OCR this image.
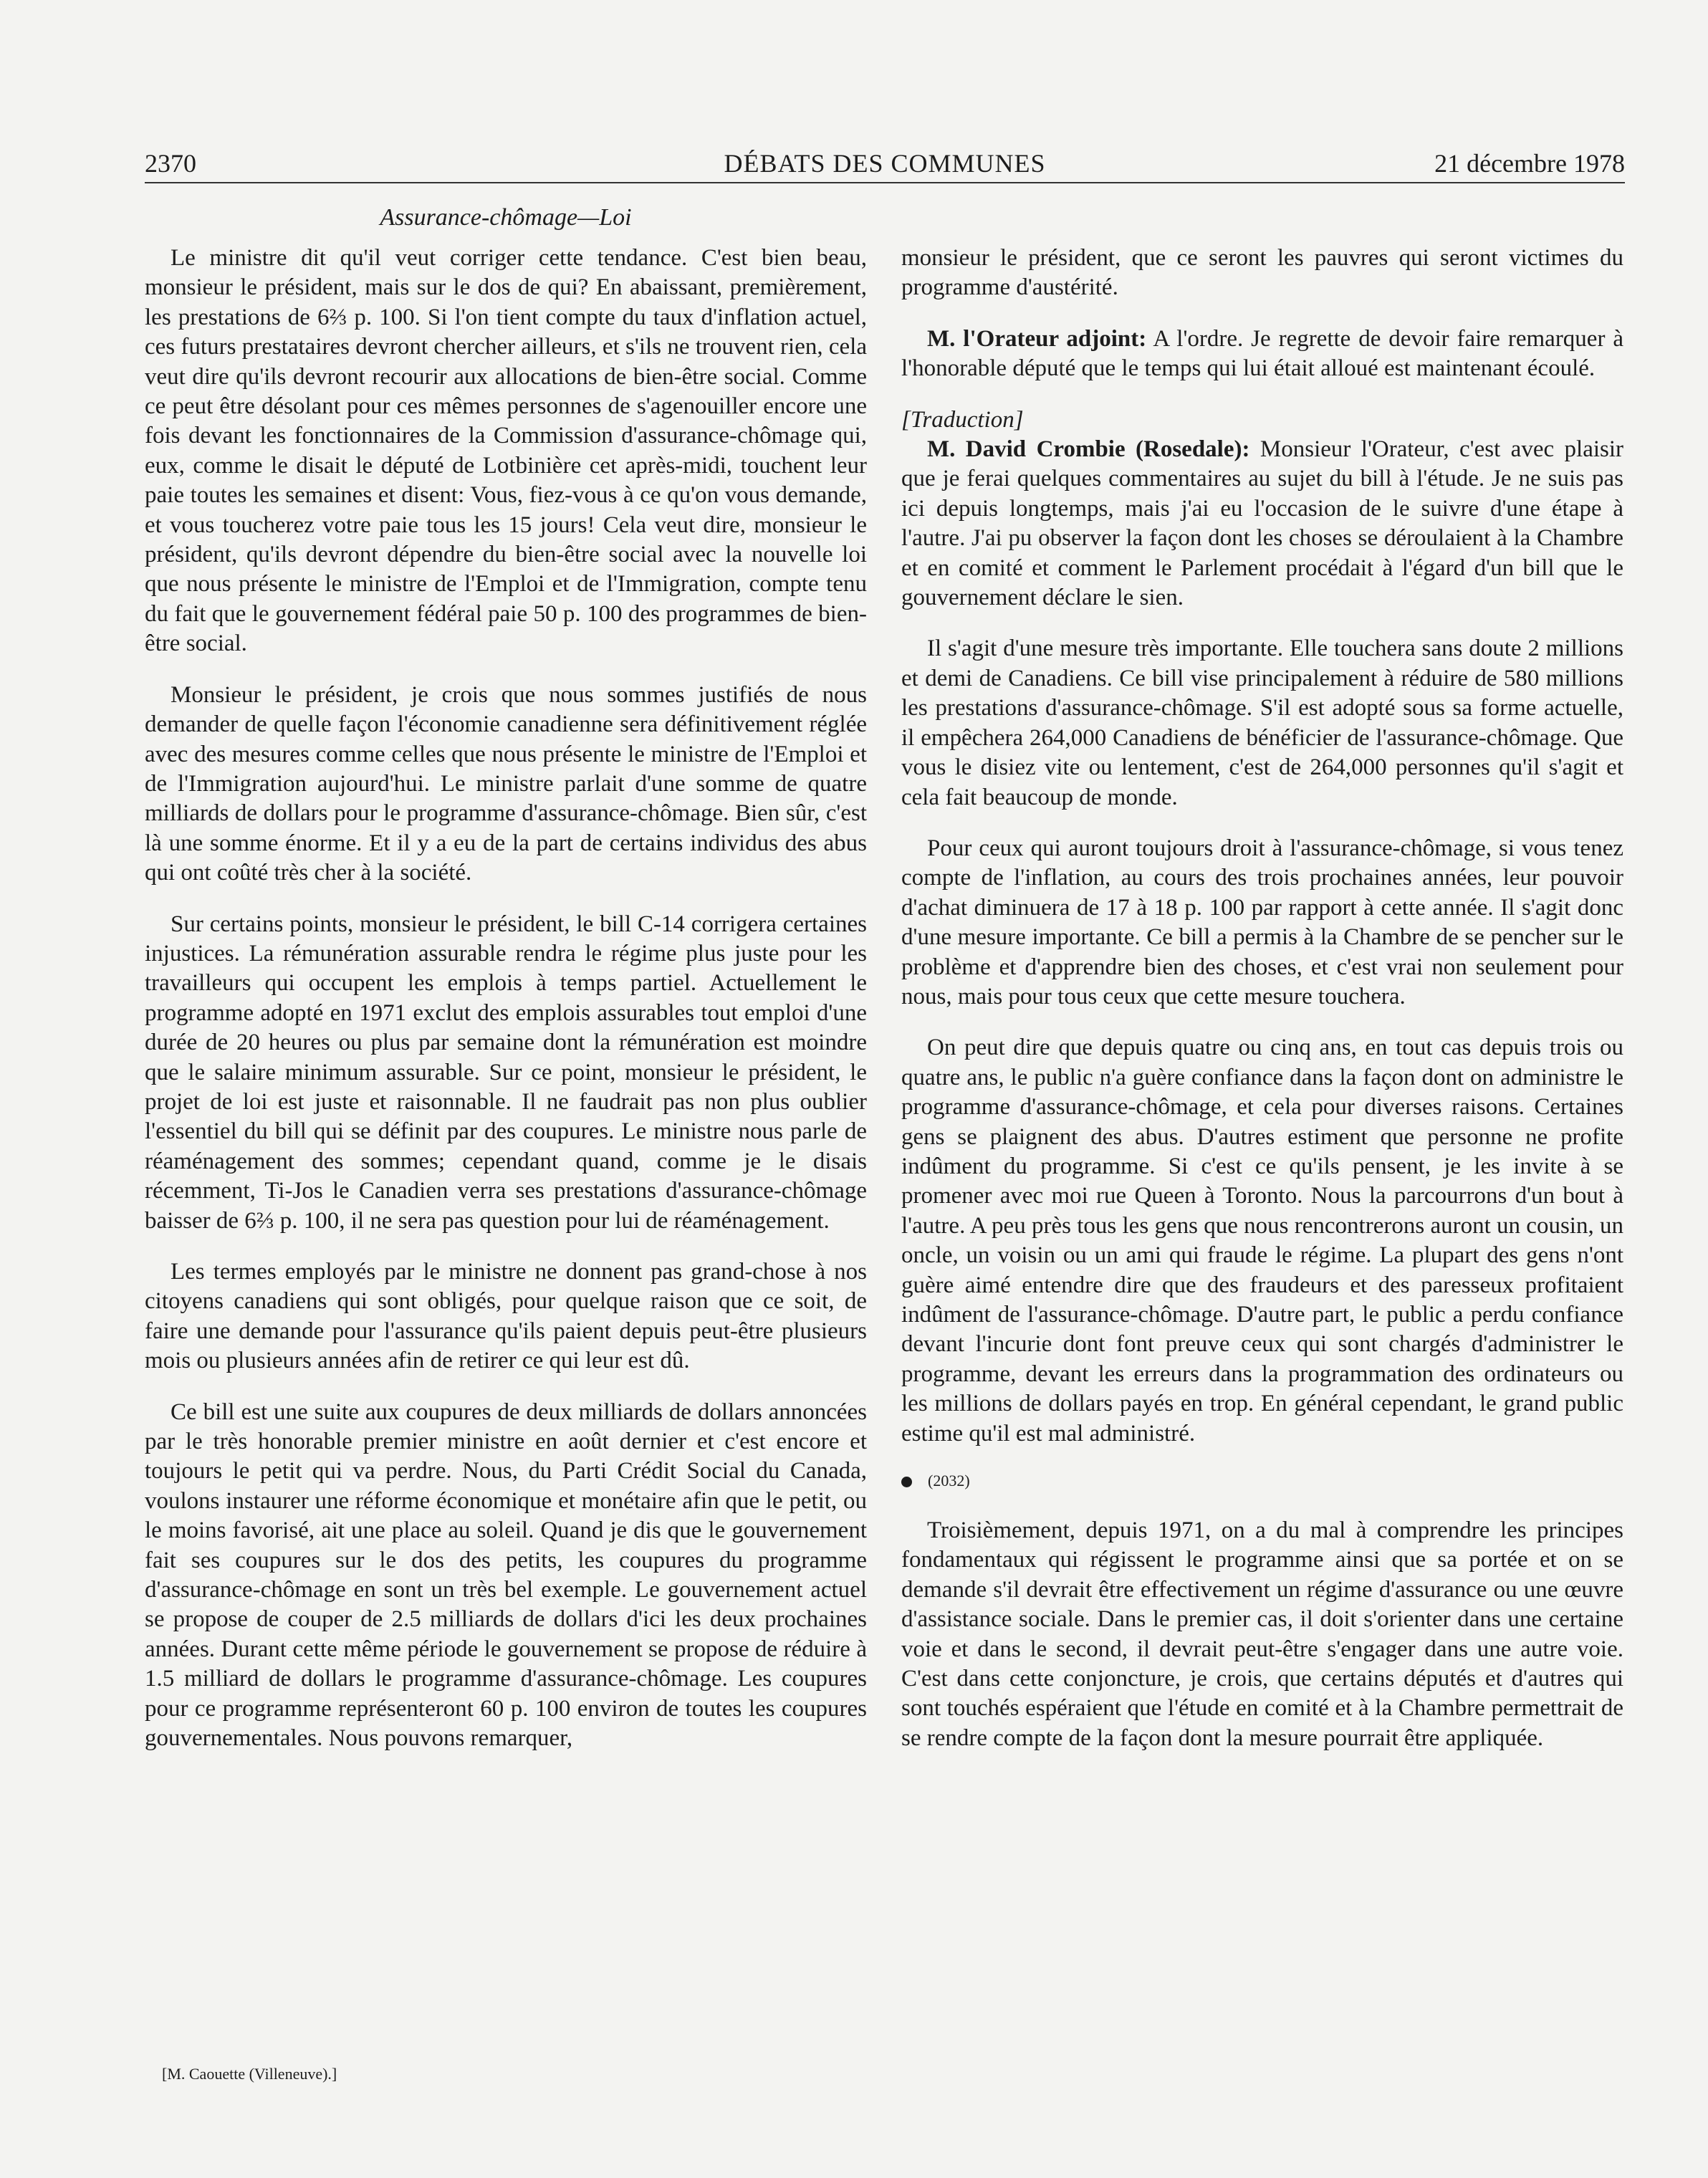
2370	DÉBATS DES COMMUNES	21 décembre 1978
Assurance-chômage—Loi

Le ministre dit qu'il veut corriger cette tendance. C'est bien beau, monsieur le président, mais sur le dos de qui? En abaissant, premièrement, les prestations de 6⅔ p. 100. Si l'on tient compte du taux d'inflation actuel, ces futurs prestataires devront chercher ailleurs, et s'ils ne trouvent rien, cela veut dire qu'ils devront recourir aux allocations de bien-être social. Comme ce peut être désolant pour ces mêmes personnes de s'agenouiller encore une fois devant les fonctionnaires de la Commission d'assurance-chômage qui, eux, comme le disait le député de Lotbinière cet après-midi, touchent leur paie toutes les semaines et disent: Vous, fiez-vous à ce qu'on vous demande, et vous toucherez votre paie tous les 15 jours! Cela veut dire, monsieur le président, qu'ils devront dépendre du bien-être social avec la nouvelle loi que nous présente le ministre de l'Emploi et de l'Immigration, compte tenu du fait que le gouvernement fédéral paie 50 p. 100 des programmes de bien-être social.

Monsieur le président, je crois que nous sommes justifiés de nous demander de quelle façon l'économie canadienne sera définitivement réglée avec des mesures comme celles que nous présente le ministre de l'Emploi et de l'Immigration aujourd'hui. Le ministre parlait d'une somme de quatre milliards de dollars pour le programme d'assurance-chômage. Bien sûr, c'est là une somme énorme. Et il y a eu de la part de certains individus des abus qui ont coûté très cher à la société.

Sur certains points, monsieur le président, le bill C-14 corrigera certaines injustices. La rémunération assurable rendra le régime plus juste pour les travailleurs qui occupent les emplois à temps partiel. Actuellement le programme adopté en 1971 exclut des emplois assurables tout emploi d'une durée de 20 heures ou plus par semaine dont la rémunération est moindre que le salaire minimum assurable. Sur ce point, monsieur le président, le projet de loi est juste et raisonnable. Il ne faudrait pas non plus oublier l'essentiel du bill qui se définit par des coupures. Le ministre nous parle de réaménagement des sommes; cependant quand, comme je le disais récemment, Ti-Jos le Canadien verra ses prestations d'assurance-chômage baisser de 6⅔ p. 100, il ne sera pas question pour lui de réaménagement.

Les termes employés par le ministre ne donnent pas grand-chose à nos citoyens canadiens qui sont obligés, pour quelque raison que ce soit, de faire une demande pour l'assurance qu'ils paient depuis peut-être plusieurs mois ou plusieurs années afin de retirer ce qui leur est dû.

Ce bill est une suite aux coupures de deux milliards de dollars annoncées par le très honorable premier ministre en août dernier et c'est encore et toujours le petit qui va perdre. Nous, du Parti Crédit Social du Canada, voulons instaurer une réforme économique et monétaire afin que le petit, ou le moins favorisé, ait une place au soleil. Quand je dis que le gouvernement fait ses coupures sur le dos des petits, les coupures du programme d'assurance-chômage en sont un très bel exemple. Le gouvernement actuel se propose de couper de 2.5 milliards de dollars d'ici les deux prochaines années. Durant cette même période le gouvernement se propose de réduire à 1.5 milliard de dollars le programme d'assurance-chômage. Les coupures pour ce programme représenteront 60 p. 100 environ de toutes les coupures gouvernementales. Nous pouvons remarquer,

monsieur le président, que ce seront les pauvres qui seront victimes du programme d'austérité.

M. l'Orateur adjoint: A l'ordre. Je regrette de devoir faire remarquer à l'honorable député que le temps qui lui était alloué est maintenant écoulé.

[Traduction]

M. David Crombie (Rosedale): Monsieur l'Orateur, c'est avec plaisir que je ferai quelques commentaires au sujet du bill à l'étude. Je ne suis pas ici depuis longtemps, mais j'ai eu l'occasion de le suivre d'une étape à l'autre. J'ai pu observer la façon dont les choses se déroulaient à la Chambre et en comité et comment le Parlement procédait à l'égard d'un bill que le gouvernement déclare le sien.

Il s'agit d'une mesure très importante. Elle touchera sans doute 2 millions et demi de Canadiens. Ce bill vise principalement à réduire de 580 millions les prestations d'assurance-chômage. S'il est adopté sous sa forme actuelle, il empêchera 264,000 Canadiens de bénéficier de l'assurance-chômage. Que vous le disiez vite ou lentement, c'est de 264,000 personnes qu'il s'agit et cela fait beaucoup de monde.

Pour ceux qui auront toujours droit à l'assurance-chômage, si vous tenez compte de l'inflation, au cours des trois prochaines années, leur pouvoir d'achat diminuera de 17 à 18 p. 100 par rapport à cette année. Il s'agit donc d'une mesure importante. Ce bill a permis à la Chambre de se pencher sur le problème et d'apprendre bien des choses, et c'est vrai non seulement pour nous, mais pour tous ceux que cette mesure touchera.

On peut dire que depuis quatre ou cinq ans, en tout cas depuis trois ou quatre ans, le public n'a guère confiance dans la façon dont on administre le programme d'assurance-chômage, et cela pour diverses raisons. Certaines gens se plaignent des abus. D'autres estiment que personne ne profite indûment du programme. Si c'est ce qu'ils pensent, je les invite à se promener avec moi rue Queen à Toronto. Nous la parcourrons d'un bout à l'autre. A peu près tous les gens que nous rencontrerons auront un cousin, un oncle, un voisin ou un ami qui fraude le régime. La plupart des gens n'ont guère aimé entendre dire que des fraudeurs et des paresseux profitaient indûment de l'assurance-chômage. D'autre part, le public a perdu confiance devant l'incurie dont font preuve ceux qui sont chargés d'administrer le programme, devant les erreurs dans la programmation des ordinateurs ou les millions de dollars payés en trop. En général cependant, le grand public estime qu'il est mal administré.

(2032)

Troisièmement, depuis 1971, on a du mal à comprendre les principes fondamentaux qui régissent le programme ainsi que sa portée et on se demande s'il devrait être effectivement un régime d'assurance ou une œuvre d'assistance sociale. Dans le premier cas, il doit s'orienter dans une certaine voie et dans le second, il devrait peut-être s'engager dans une autre voie. C'est dans cette conjoncture, je crois, que certains députés et d'autres qui sont touchés espéraient que l'étude en comité et à la Chambre permettrait de se rendre compte de la façon dont la mesure pourrait être appliquée.

[M. Caouette (Villeneuve).]
